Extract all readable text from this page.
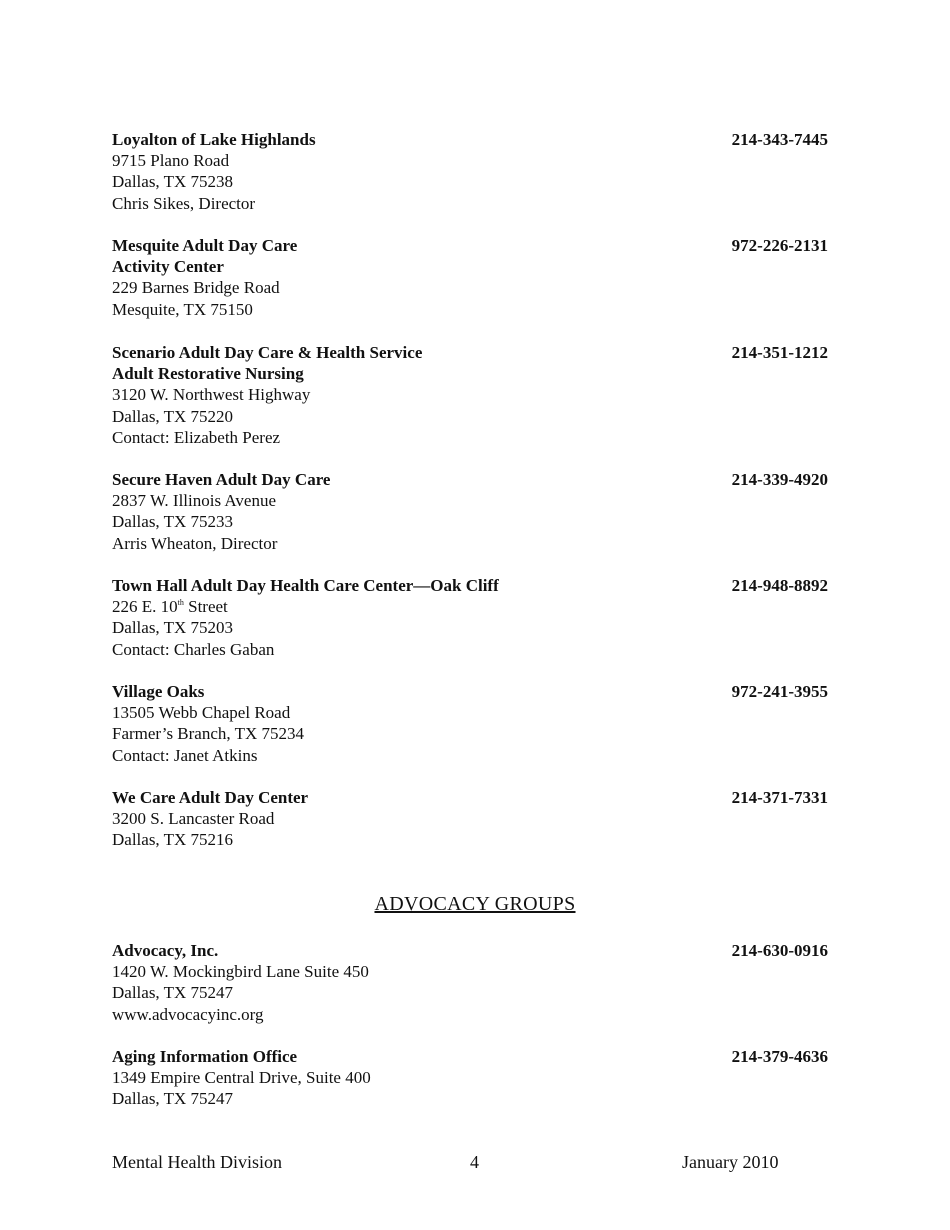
Loyalton of Lake Highlands	214-343-7445
9715 Plano Road
Dallas, TX 75238
Chris Sikes, Director
Mesquite Adult Day Care	972-226-2131
Activity Center
229 Barnes Bridge Road
Mesquite, TX 75150
Scenario Adult Day Care & Health Service	214-351-1212
Adult Restorative Nursing
3120 W. Northwest Highway
Dallas, TX 75220
Contact: Elizabeth Perez
Secure Haven Adult Day Care	214-339-4920
2837 W. Illinois Avenue
Dallas, TX 75233
Arris Wheaton, Director
Town Hall Adult Day Health Care Center—Oak Cliff	214-948-8892
226 E. 10th Street
Dallas, TX 75203
Contact: Charles Gaban
Village Oaks	972-241-3955
13505 Webb Chapel Road
Farmer’s Branch, TX 75234
Contact: Janet Atkins
We Care Adult Day Center	214-371-7331
3200 S. Lancaster Road
Dallas, TX 75216
ADVOCACY GROUPS
Advocacy, Inc.	214-630-0916
1420 W. Mockingbird Lane Suite 450
Dallas, TX 75247
www.advocacyinc.org
Aging Information Office	214-379-4636
1349 Empire Central Drive, Suite 400
Dallas, TX 75247
Mental Health Division	4	January 2010
